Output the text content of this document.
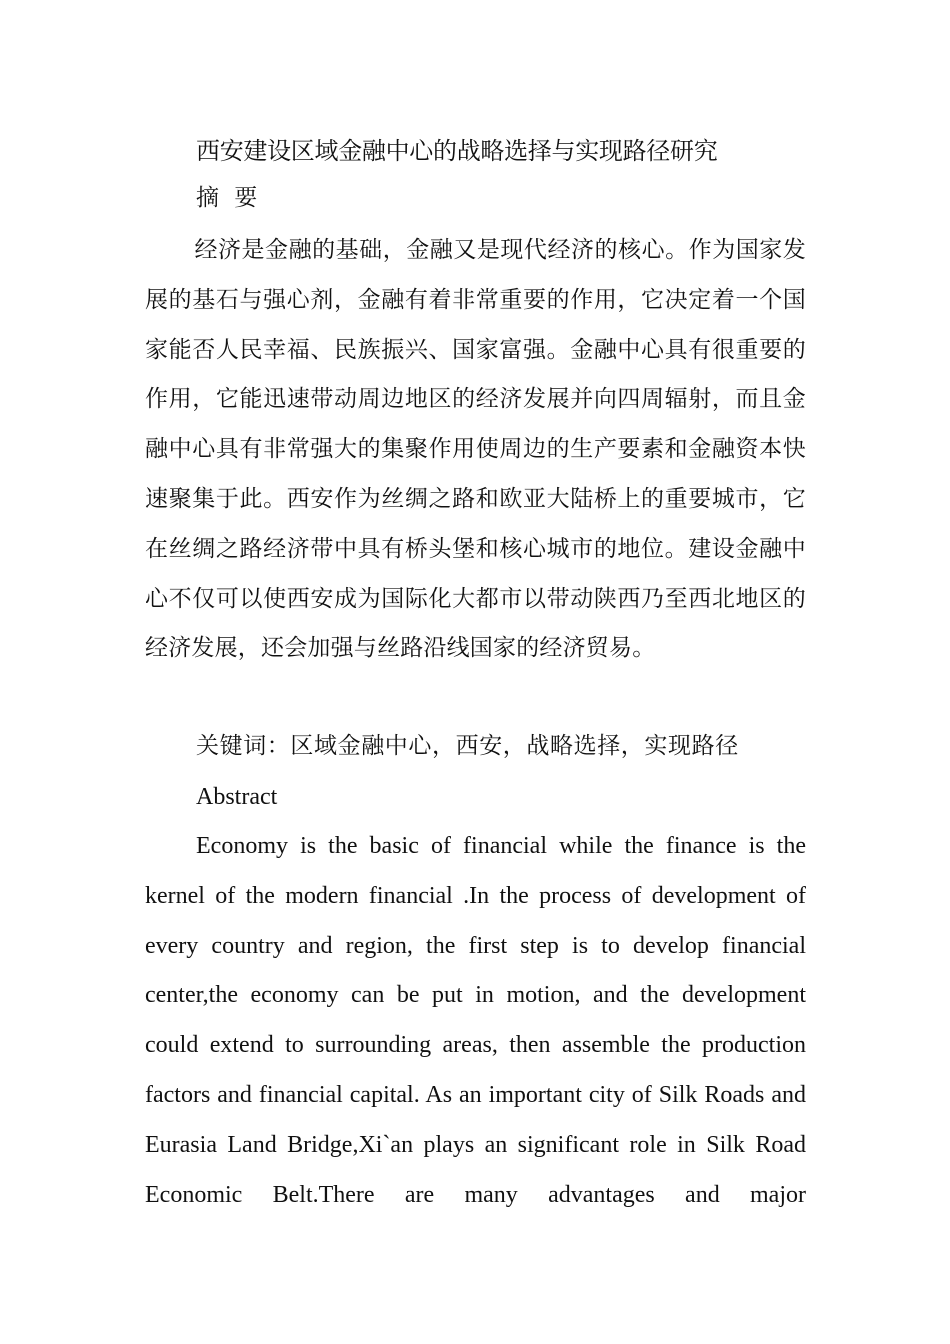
西安建设区域金融中心的战略选择与实现路径研究
摘 要

经济是金融的基础，金融又是现代经济的核心。作为国家发展的基石与强心剂，金融有着非常重要的作用，它决定着一个国家能否人民幸福、民族振兴、国家富强。金融中心具有很重要的作用，它能迅速带动周边地区的经济发展并向四周辐射，而且金融中心具有非常强大的集聚作用使周边的生产要素和金融资本快速聚集于此。西安作为丝绸之路和欧亚大陆桥上的重要城市，它在丝绸之路经济带中具有桥头堡和核心城市的地位。建设金融中心不仅可以使西安成为国际化大都市以带动陕西乃至西北地区的经济发展，还会加强与丝路沿线国家的经济贸易。

关键词：区域金融中心，西安，战略选择，实现路径
Abstract

Economy is the basic of financial while the finance is the kernel of the modern financial .In the process of development of every country and region, the first step is to develop financial center,the economy can be put in motion, and the development could extend to surrounding areas, then assemble the production factors and financial capital. As an important city of Silk Roads and Eurasia Land Bridge,Xi`an plays an significant role in Silk Road Economic Belt.There are many advantages and major
